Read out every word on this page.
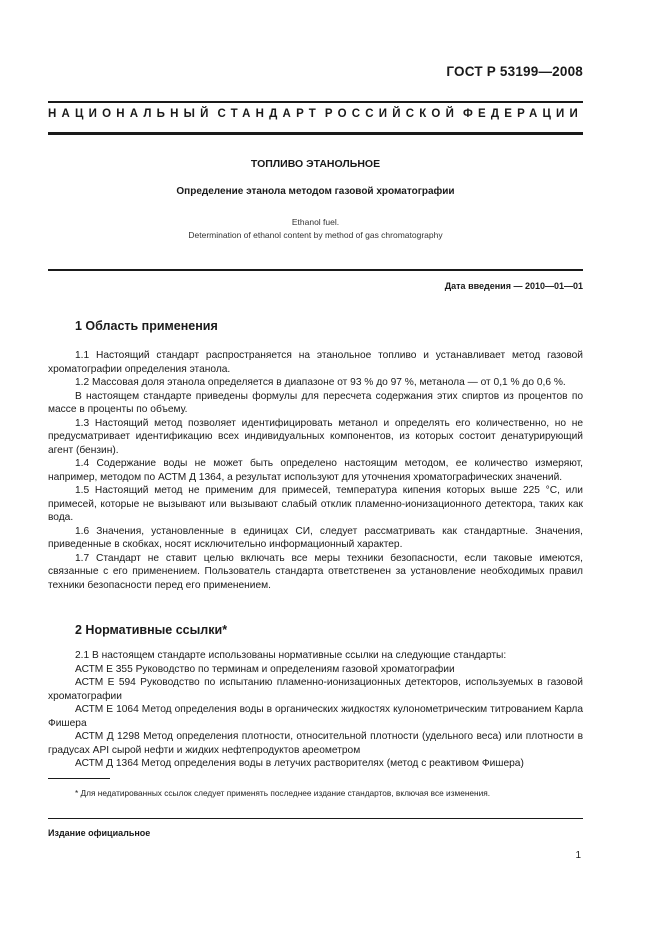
ГОСТ Р 53199—2008
НАЦИОНАЛЬНЫЙ СТАНДАРТ РОССИЙСКОЙ ФЕДЕРАЦИИ
ТОПЛИВО ЭТАНОЛЬНОЕ
Определение этанола методом газовой хроматографии
Ethanol fuel.
Determination of ethanol content by method of gas chromatography
Дата введения — 2010—01—01
1 Область применения

1.1 Настоящий стандарт распространяется на этанольное топливо и устанавливает метод газовой хроматографии определения этанола.

1.2 Массовая доля этанола определяется в диапазоне от 93 % до 97 %, метанола — от 0,1 % до 0,6 %.

В настоящем стандарте приведены формулы для пересчета содержания этих спиртов из процентов по массе в проценты по объему.

1.3 Настоящий метод позволяет идентифицировать метанол и определять его количественно, но не предусматривает идентификацию всех индивидуальных компонентов, из которых состоит денатурирующий агент (бензин).

1.4 Содержание воды не может быть определено настоящим методом, ее количество измеряют, например, методом по АСТМ Д 1364, а результат используют для уточнения хроматографических значений.

1.5 Настоящий метод не применим для примесей, температура кипения которых выше 225 °С, или примесей, которые не вызывают или вызывают слабый отклик пламенно-ионизационного детектора, таких как вода.

1.6 Значения, установленные в единицах СИ, следует рассматривать как стандартные. Значения, приведенные в скобках, носят исключительно информационный характер.

1.7 Стандарт не ставит целью включать все меры техники безопасности, если таковые имеются, связанные с его применением. Пользователь стандарта ответственен за установление необходимых правил техники безопасности перед его применением.

2 Нормативные ссылки*

2.1 В настоящем стандарте использованы нормативные ссылки на следующие стандарты:

АСТМ Е 355 Руководство по терминам и определениям газовой хроматографии

АСТМ Е 594 Руководство по испытанию пламенно-ионизационных детекторов, используемых в газовой хроматографии

АСТМ Е 1064 Метод определения воды в органических жидкостях кулонометрическим титрованием Карла Фишера

АСТМ Д 1298 Метод определения плотности, относительной плотности (удельного веса) или плотности в градусах API сырой нефти и жидких нефтепродуктов ареометром

АСТМ Д 1364 Метод определения воды в летучих растворителях (метод с реактивом Фишера)

* Для недатированных ссылок следует применять последнее издание стандартов, включая все изменения.
Издание официальное
1
